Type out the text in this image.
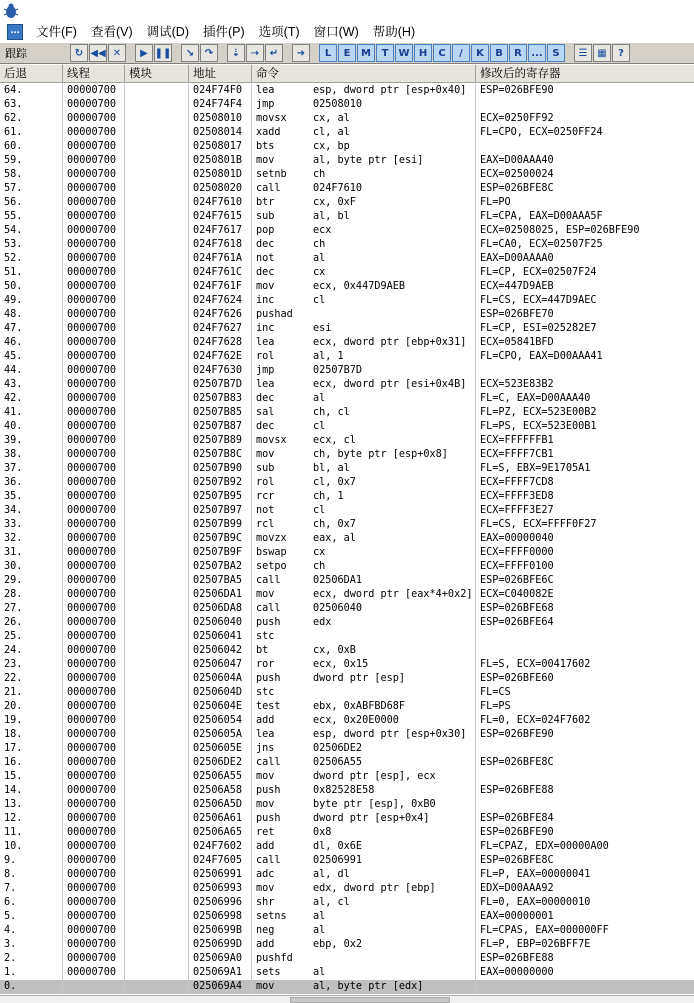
…	文件(F)	查看(V)	调试(D)	插件(P)	选项(T)	窗口(W)	帮助(H)
跟踪	↻ ◀◀ ✕	▶ ❚❚	↘	↷	⇣	⇢	↵	➜	L	E	M	T	W H	C	/	K	B	R ... S	☰ ▦	?
后退	线程	模块	地址	命令	修改后的寄存器
64.	00000700	024F74F0	lea	esp, dword ptr [esp+0x40]	ESP=026BFE90
63.	00000700	024F74F4	jmp	02508010
62.	00000700	02508010	movsx	cx, al	ECX=0250FF92
61.	00000700	02508014	xadd	cl, al	FL=CPO, ECX=0250FF24
60.	00000700	02508017	bts	cx, bp
59.	00000700	0250801B	mov	al, byte ptr [esi]	EAX=D00AAA40
58.	00000700	0250801D	setnb	ch	ECX=02500024
57.	00000700	02508020	call	024F7610	ESP=026BFE8C
56.	00000700	024F7610	btr	cx, 0xF	FL=PO
55.	00000700	024F7615	sub	al, bl	FL=CPA, EAX=D00AAA5F
54.	00000700	024F7617	pop	ecx	ECX=02508025, ESP=026BFE90
53.	00000700	024F7618	dec	ch	FL=CA0, ECX=02507F25
52.	00000700	024F761A	not	al	EAX=D00AAAA0
51.	00000700	024F761C	dec	cx	FL=CP, ECX=02507F24
50.	00000700	024F761F	mov	ecx, 0x447D9AEB	ECX=447D9AEB
49.	00000700	024F7624	inc	cl	FL=CS, ECX=447D9AEC
48.	00000700	024F7626	pushad	ESP=026BFE70
47.	00000700	024F7627	inc	esi	FL=CP, ESI=025282E7
46.	00000700	024F7628	lea	ecx, dword ptr [ebp+0x31]	ECX=05841BFD
45.	00000700	024F762E	rol	al, 1	FL=CPO, EAX=D00AAA41
44.	00000700	024F7630	jmp	02507B7D
43.	00000700	02507B7D	lea	ecx, dword ptr [esi+0x4B]	ECX=523E83B2
42.	00000700	02507B83	dec	al	FL=C, EAX=D00AAA40
41.	00000700	02507B85	sal	ch, cl	FL=PZ, ECX=523E00B2
40.	00000700	02507B87	dec	cl	FL=PS, ECX=523E00B1
39.	00000700	02507B89	movsx	ecx, cl	ECX=FFFFFFB1
38.	00000700	02507B8C	mov	ch, byte ptr [esp+0x8]	ECX=FFFF7CB1
37.	00000700	02507B90	sub	bl, al	FL=S, EBX=9E1705A1
36.	00000700	02507B92	rol	cl, 0x7	ECX=FFFF7CD8
35.	00000700	02507B95	rcr	ch, 1	ECX=FFFF3ED8
34.	00000700	02507B97	not	cl	ECX=FFFF3E27
33.	00000700	02507B99	rcl	ch, 0x7	FL=CS, ECX=FFFF0F27
32.	00000700	02507B9C	movzx	eax, al	EAX=00000040
31.	00000700	02507B9F	bswap	cx	ECX=FFFF0000
30.	00000700	02507BA2	setpo	ch	ECX=FFFF0100
29.	00000700	02507BA5	call	02506DA1	ESP=026BFE6C
28.	00000700	02506DA1	mov	ecx, dword ptr [eax*4+0x2] ECX=C040082E
27.	00000700	02506DA8	call	02506040	ESP=026BFE68
26.	00000700	02506040	push	edx	ESP=026BFE64
25.	00000700	02506041	stc
24.	00000700	02506042	bt	cx, 0xB
23.	00000700	02506047	ror	ecx, 0x15	FL=S, ECX=00417602
22.	00000700	0250604A	push	dword ptr [esp]	ESP=026BFE60
21.	00000700	0250604D	stc	FL=CS
20.	00000700	0250604E	test	ebx, 0xABFBD68F	FL=PS
19.	00000700	02506054	add	ecx, 0x20E0000	FL=0, ECX=024F7602
18.	00000700	0250605A	lea	esp, dword ptr [esp+0x30]	ESP=026BFE90
17.	00000700	0250605E	jns	02506DE2
16.	00000700	02506DE2	call	02506A55	ESP=026BFE8C
15.	00000700	02506A55	mov	dword ptr [esp], ecx
14.	00000700	02506A58	push	0x82528E58	ESP=026BFE88
13.	00000700	02506A5D	mov	byte ptr [esp], 0xB0
12.	00000700	02506A61	push	dword ptr [esp+0x4]	ESP=026BFE84
11.	00000700	02506A65	ret	0x8	ESP=026BFE90
10.	00000700	024F7602	add	dl, 0x6E	FL=CPAZ, EDX=00000A00
9.	00000700	024F7605	call	02506991	ESP=026BFE8C
8.	00000700	02506991	adc	al, dl	FL=P, EAX=00000041
7.	00000700	02506993	mov	edx, dword ptr [ebp]	EDX=D00AAA92
6.	00000700	02506996	shr	al, cl	FL=0, EAX=00000010
5.	00000700	02506998	setns	al	EAX=00000001
4.	00000700	0250699B	neg	al	FL=CPAS, EAX=000000FF
3.	00000700	0250699D	add	ebp, 0x2	FL=P, EBP=026BFF7E
2.	00000700	025069A0	pushfd	ESP=026BFE88
1.	00000700	025069A1	sets	al	EAX=00000000
0.	025069A4	mov	al, byte ptr [edx]
